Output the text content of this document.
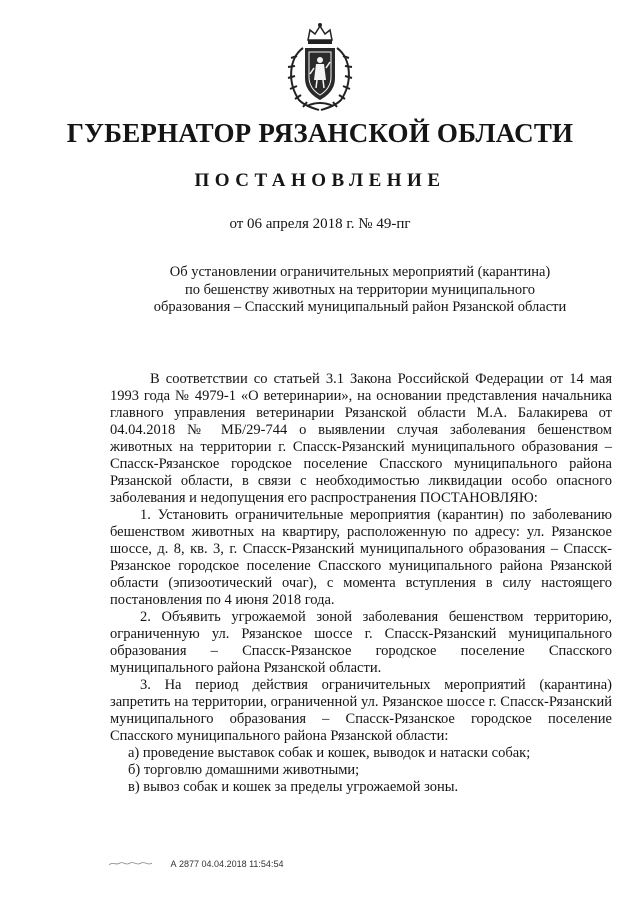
ГУБЕРНАТОР РЯЗАНСКОЙ ОБЛАСТИ
ПОСТАНОВЛЕНИЕ
от 06 апреля 2018 г. № 49-пг
Об установлении ограничительных мероприятий (карантина)
по бешенству животных на территории муниципального
образования – Спасский муниципальный район Рязанской области

В соответствии со статьей 3.1 Закона Российской Федерации от 14 мая 1993 года № 4979-1 «О ветеринарии», на основании представления начальника главного управления ветеринарии Рязанской области М.А. Балакирева от 04.04.2018 № МБ/29-744 о выявлении случая заболевания бешенством животных на территории г. Спасск-Рязанский муниципального образования – Спасск-Рязанское городское поселение Спасского муниципального района Рязанской области, в связи с необходимостью ликвидации особо опасного заболевания и недопущения его распространения ПОСТАНОВЛЯЮ:

1. Установить ограничительные мероприятия (карантин) по заболеванию бешенством животных на квартиру, расположенную по адресу: ул. Рязанское шоссе, д. 8, кв. 3, г. Спасск-Рязанский муниципального образования – Спасск-Рязанское городское поселение Спасского муниципального района Рязанской области (эпизоотический очаг), с момента вступления в силу настоящего постановления по 4 июня 2018 года.

2. Объявить угрожаемой зоной заболевания бешенством территорию, ограниченную ул. Рязанское шоссе г. Спасск-Рязанский муниципального образования – Спасск-Рязанское городское поселение Спасского муниципального района Рязанской области.

3. На период действия ограничительных мероприятий (карантина) запретить на территории, ограниченной ул. Рязанское шоссе г. Спасск-Рязанский муниципального образования – Спасск-Рязанское городское поселение Спасского муниципального района Рязанской области:

а) проведение выставок собак и кошек, выводок и натаски собак;

б) торговлю домашними животными;

в) вывоз собак и кошек за пределы угрожаемой зоны.

А 2877 04.04.2018 11:54:54
